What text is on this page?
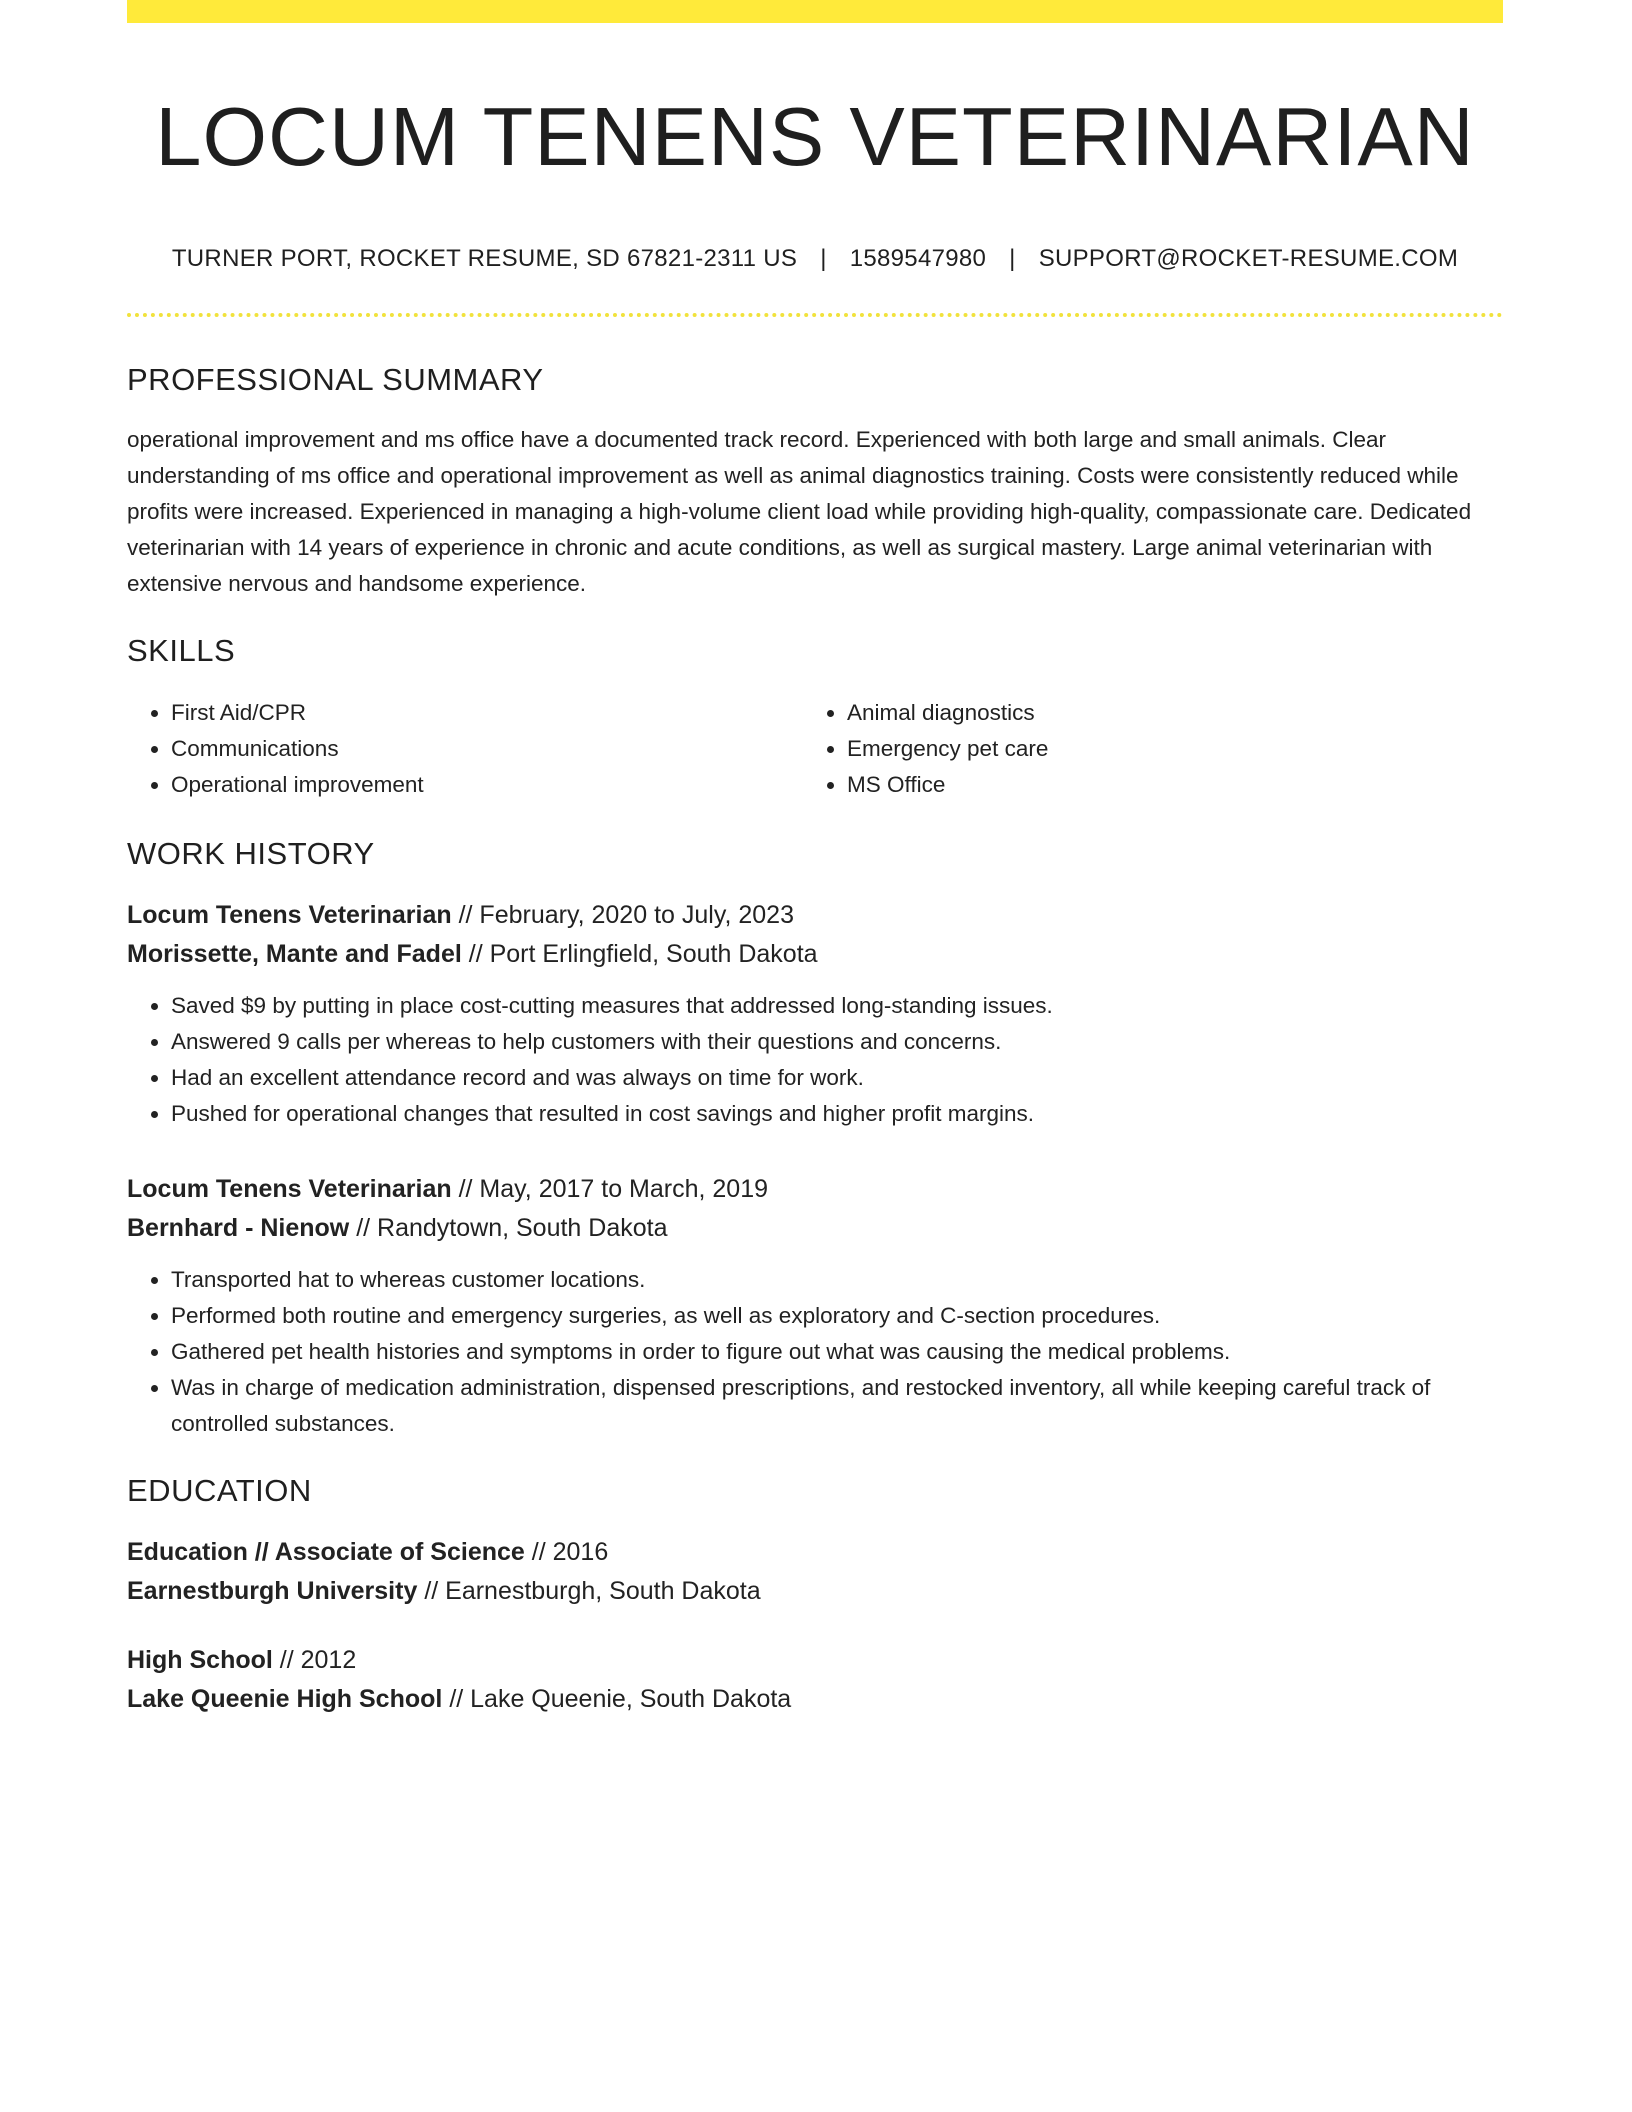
LOCUM TENENS VETERINARIAN
TURNER PORT, ROCKET RESUME, SD 67821-2311 US | 1589547980 | SUPPORT@ROCKET-RESUME.COM
PROFESSIONAL SUMMARY
operational improvement and ms office have a documented track record. Experienced with both large and small animals. Clear understanding of ms office and operational improvement as well as animal diagnostics training. Costs were consistently reduced while profits were increased. Experienced in managing a high-volume client load while providing high-quality, compassionate care. Dedicated veterinarian with 14 years of experience in chronic and acute conditions, as well as surgical mastery. Large animal veterinarian with extensive nervous and handsome experience.
SKILLS
• First Aid/CPR
• Communications
• Operational improvement
• Animal diagnostics
• Emergency pet care
• MS Office
WORK HISTORY
Locum Tenens Veterinarian // February, 2020 to July, 2023
Morissette, Mante and Fadel // Port Erlingfield, South Dakota
• Saved $9 by putting in place cost-cutting measures that addressed long-standing issues.
• Answered 9 calls per whereas to help customers with their questions and concerns.
• Had an excellent attendance record and was always on time for work.
• Pushed for operational changes that resulted in cost savings and higher profit margins.
Locum Tenens Veterinarian // May, 2017 to March, 2019
Bernhard - Nienow // Randytown, South Dakota
• Transported hat to whereas customer locations.
• Performed both routine and emergency surgeries, as well as exploratory and C-section procedures.
• Gathered pet health histories and symptoms in order to figure out what was causing the medical problems.
• Was in charge of medication administration, dispensed prescriptions, and restocked inventory, all while keeping careful track of controlled substances.
EDUCATION
Education // Associate of Science // 2016
Earnestburgh University // Earnestburgh, South Dakota
High School // 2012
Lake Queenie High School // Lake Queenie, South Dakota
